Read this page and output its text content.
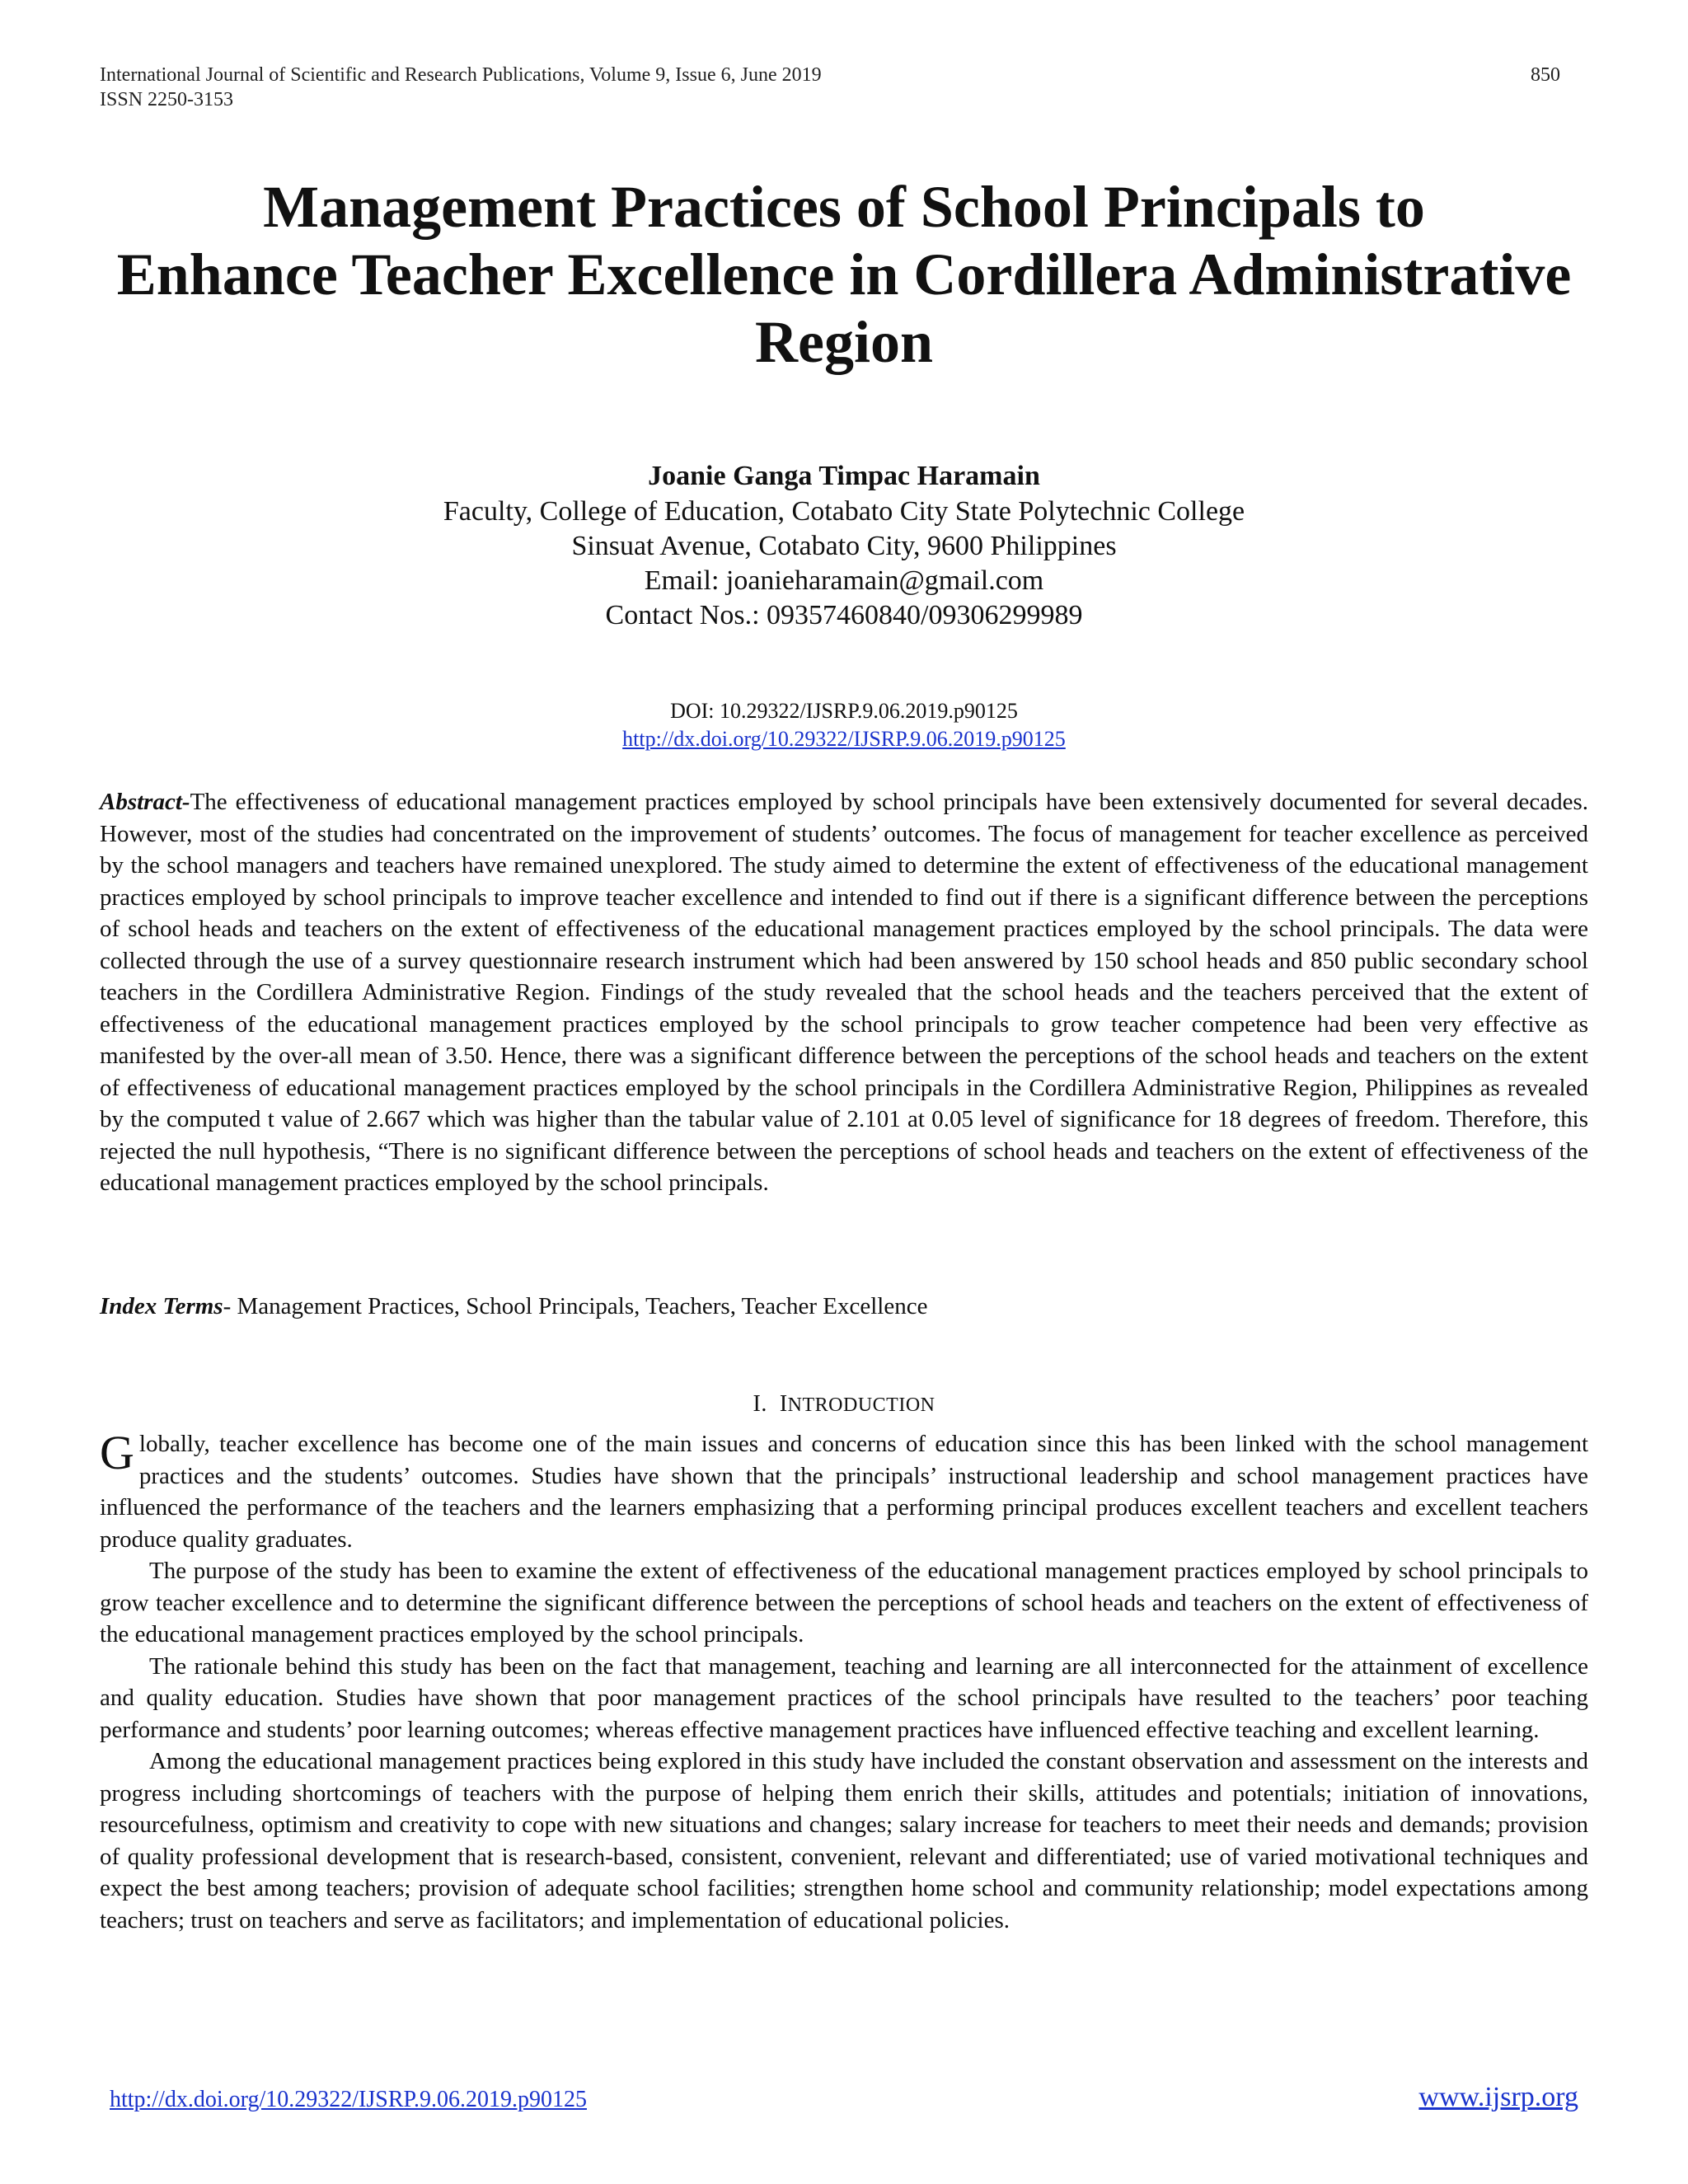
International Journal of Scientific and Research Publications, Volume 9, Issue 6, June 2019
ISSN 2250-3153
850
Management Practices of School Principals to
Enhance Teacher Excellence in Cordillera Administrative
Region
Joanie Ganga Timpac Haramain
Faculty, College of Education, Cotabato City State Polytechnic College
Sinsuat Avenue, Cotabato City, 9600 Philippines
Email: joanieharamain@gmail.com
Contact Nos.: 09357460840/09306299989
DOI: 10.29322/IJSRP.9.06.2019.p90125
http://dx.doi.org/10.29322/IJSRP.9.06.2019.p90125

Abstract-The effectiveness of educational management practices employed by school principals have been extensively documented for several decades. However, most of the studies had concentrated on the improvement of students’ outcomes. The focus of management for teacher excellence as perceived by the school managers and teachers have remained unexplored. The study aimed to determine the extent of effectiveness of the educational management practices employed by school principals to improve teacher excellence and intended to find out if there is a significant difference between the perceptions of school heads and teachers on the extent of effectiveness of the educational management practices employed by the school principals. The data were collected through the use of a survey questionnaire research instrument which had been answered by 150 school heads and 850 public secondary school teachers in the Cordillera Administrative Region. Findings of the study revealed that the school heads and the teachers perceived that the extent of effectiveness of the educational management practices employed by the school principals to grow teacher competence had been very effective as manifested by the over-all mean of 3.50. Hence, there was a significant difference between the perceptions of the school heads and teachers on the extent of effectiveness of educational management practices employed by the school principals in the Cordillera Administrative Region, Philippines as revealed by the computed t value of 2.667 which was higher than the tabular value of 2.101 at 0.05 level of significance for 18 degrees of freedom. Therefore, this rejected the null hypothesis, “There is no significant difference between the perceptions of school heads and teachers on the extent of effectiveness of the educational management practices employed by the school principals.

Index Terms- Management Practices, School Principals, Teachers, Teacher Excellence

I. INTRODUCTION

Globally, teacher excellence has become one of the main issues and concerns of education since this has been linked with the school management practices and the students’ outcomes. Studies have shown that the principals’ instructional leadership and school management practices have influenced the performance of the teachers and the learners emphasizing that a performing principal produces excellent teachers and excellent teachers produce quality graduates.

The purpose of the study has been to examine the extent of effectiveness of the educational management practices employed by school principals to grow teacher excellence and to determine the significant difference between the perceptions of school heads and teachers on the extent of effectiveness of the educational management practices employed by the school principals.

The rationale behind this study has been on the fact that management, teaching and learning are all interconnected for the attainment of excellence and quality education. Studies have shown that poor management practices of the school principals have resulted to the teachers’ poor teaching performance and students’ poor learning outcomes; whereas effective management practices have influenced effective teaching and excellent learning.

Among the educational management practices being explored in this study have included the constant observation and assessment on the interests and progress including shortcomings of teachers with the purpose of helping them enrich their skills, attitudes and potentials; initiation of innovations, resourcefulness, optimism and creativity to cope with new situations and changes; salary increase for teachers to meet their needs and demands; provision of quality professional development that is research-based, consistent, convenient, relevant and differentiated; use of varied motivational techniques and expect the best among teachers; provision of adequate school facilities; strengthen home school and community relationship; model expectations among teachers; trust on teachers and serve as facilitators; and implementation of educational policies.

http://dx.doi.org/10.29322/IJSRP.9.06.2019.p90125	www.ijsrp.org
